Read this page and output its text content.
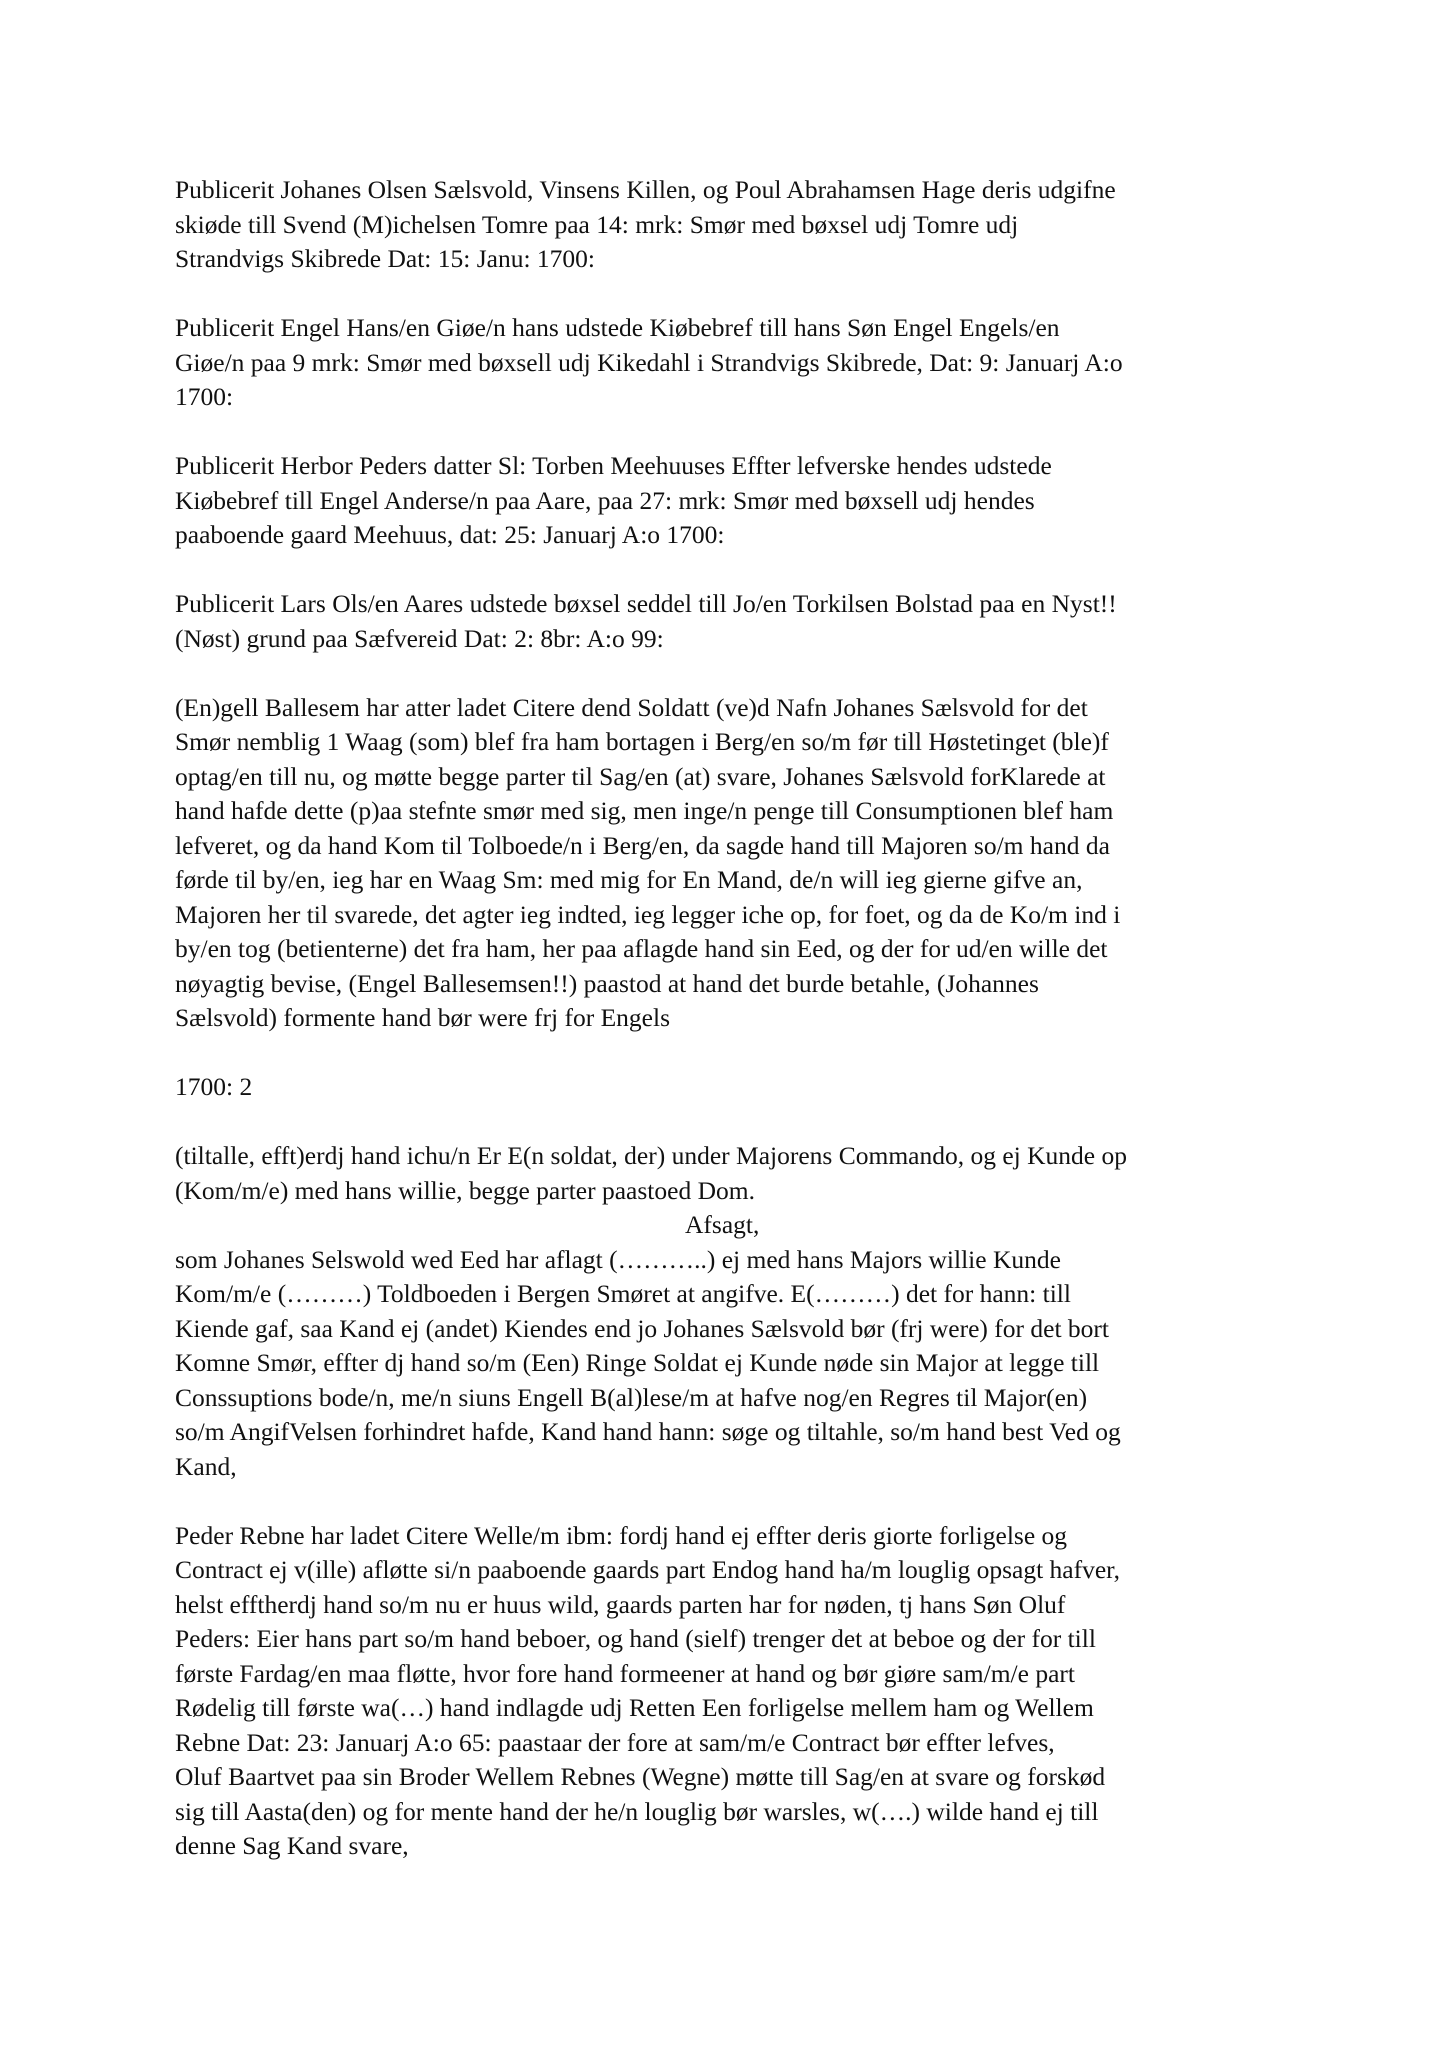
Publicerit Johanes Olsen Sælsvold, Vinsens Killen, og Poul Abrahamsen Hage deris udgifne
skiøde till Svend (M)ichelsen Tomre paa 14: mrk: Smør med bøxsel udj Tomre udj
Strandvigs Skibrede Dat: 15: Janu: 1700:

Publicerit Engel Hans/en Giøe/n hans udstede Kiøbebref till hans Søn Engel Engels/en
Giøe/n paa 9 mrk: Smør med bøxsell udj Kikedahl i Strandvigs Skibrede, Dat: 9: Januarj A:o
1700:

Publicerit Herbor Peders datter Sl: Torben Meehuuses Effter lefverske hendes udstede
Kiøbebref till Engel Anderse/n paa Aare, paa 27: mrk: Smør med bøxsell udj hendes
paaboende gaard Meehuus, dat: 25: Januarj A:o 1700:

Publicerit Lars Ols/en Aares udstede bøxsel seddel till Jo/en Torkilsen Bolstad paa en Nyst!!
(Nøst) grund paa Sæfvereid Dat: 2: 8br: A:o 99:

(En)gell Ballesem har atter ladet Citere dend Soldatt (ve)d Nafn Johanes Sælsvold for det
Smør nemblig 1 Waag (som) blef fra ham bortagen i Berg/en so/m før till Høstetinget (ble)f
optag/en till nu, og møtte begge parter til Sag/en (at) svare, Johanes Sælsvold forKlarede at
hand hafde dette (p)aa stefnte smør med sig, men inge/n penge till Consumptionen blef ham
lefveret, og da hand Kom til Tolboede/n i Berg/en, da sagde hand till Majoren so/m hand da
førde til by/en, ieg har en Waag Sm: med mig for En Mand, de/n will ieg gierne gifve an,
Majoren her til svarede, det agter ieg indted, ieg legger iche op, for foet, og da de Ko/m ind i
by/en tog (betienterne) det fra ham, her paa aflagde hand sin Eed, og der for ud/en wille det
nøyagtig bevise, (Engel Ballesemsen!!) paastod at hand det burde betahle, (Johannes
Sælsvold) formente hand bør were frj for Engels

1700: 2

(tiltalle, efft)erdj hand ichu/n Er E(n soldat, der) under Majorens Commando, og ej Kunde op
(Kom/m/e) med hans willie, begge parter paastoed Dom.

Afsagt,

som Johanes Selswold wed Eed har aflagt (………..) ej med hans Majors willie Kunde
Kom/m/e (………) Toldboeden i Bergen Smøret at angifve. E(………) det for hann: till
Kiende gaf, saa Kand ej (andet) Kiendes end jo Johanes Sælsvold bør (frj were) for det bort
Komne Smør, effter dj hand so/m (Een) Ringe Soldat ej Kunde nøde sin Major at legge till
Conssuptions bode/n, me/n siuns Engell B(al)lese/m at hafve nog/en Regres til Major(en)
so/m AngifVelsen forhindret hafde, Kand hand hann: søge og tiltahle, so/m hand best Ved og
Kand,

Peder Rebne har ladet Citere Welle/m ibm: fordj hand ej effter deris giorte forligelse og
Contract ej v(ille) afløtte si/n paaboende gaards part Endog hand ha/m louglig opsagt hafver,
helst efftherdj hand so/m nu er huus wild, gaards parten har for nøden, tj hans Søn Oluf
Peders: Eier hans part so/m hand beboer, og hand (sielf) trenger det at beboe og der for till
første Fardag/en maa fløtte, hvor fore hand formeener at hand og bør giøre sam/m/e part
Rødelig till første wa(…) hand indlagde udj Retten Een forligelse mellem ham og Wellem
Rebne Dat: 23: Januarj A:o 65: paastaar der fore at sam/m/e Contract bør effter lefves,
Oluf Baartvet paa sin Broder Wellem Rebnes (Wegne) møtte till Sag/en at svare og forskød
sig till Aasta(den) og for mente hand der he/n louglig bør warsles, w(….) wilde hand ej till
denne Sag Kand svare,
